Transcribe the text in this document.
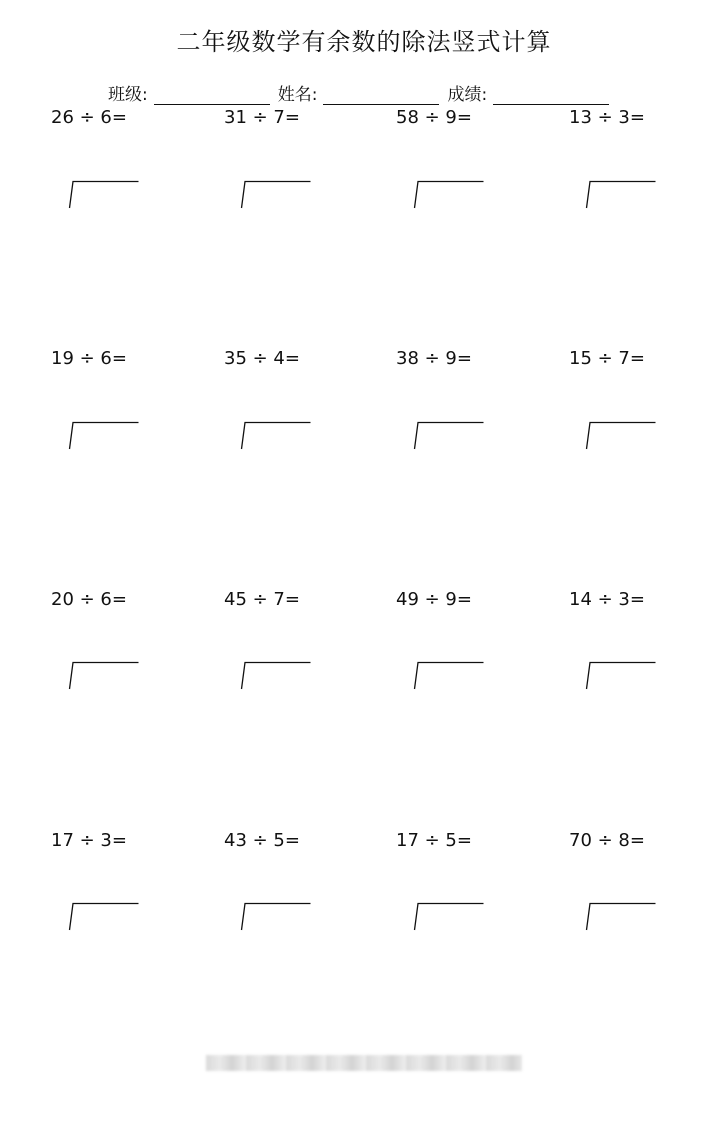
二年级数学有余数的除法竖式计算
班级:	姓名:	成绩:
26 ÷ 6=	31 ÷ 7=	58 ÷ 9=	13 ÷ 3=
19 ÷ 6=	35 ÷ 4=	38 ÷ 9=	15 ÷ 7=
20 ÷ 6=	45 ÷ 7=	49 ÷ 9=	14 ÷ 3=
17 ÷ 3=	43 ÷ 5=	17 ÷ 5=	70 ÷ 8=
